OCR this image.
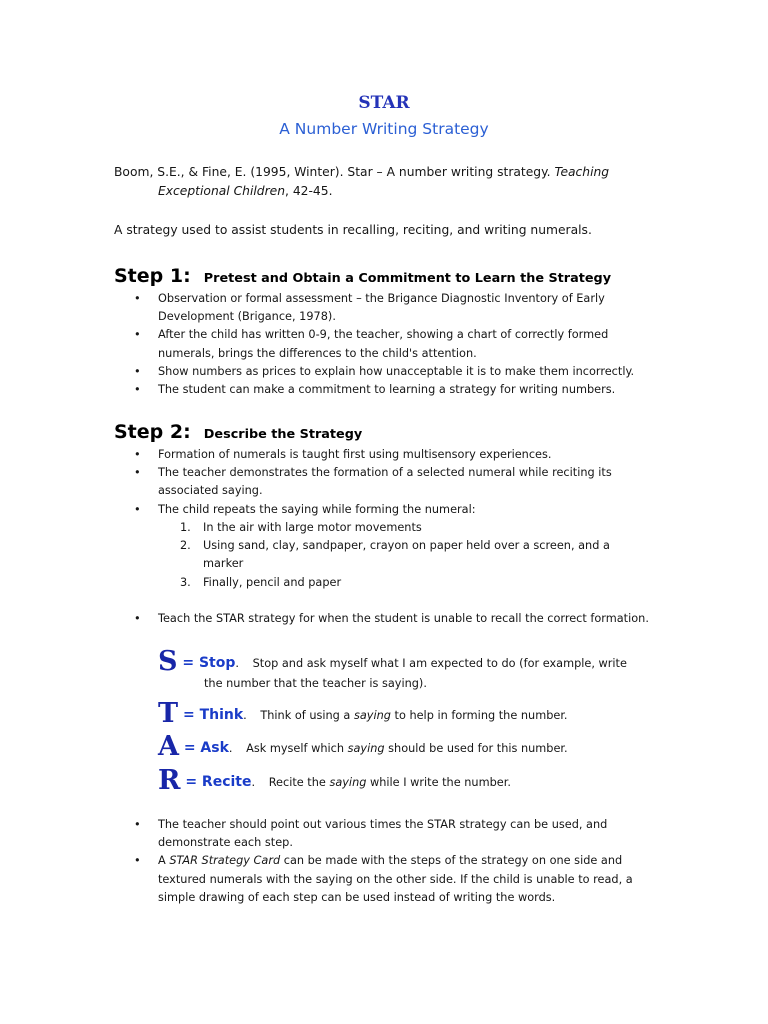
STAR
A Number Writing Strategy
Boom, S.E., & Fine, E. (1995, Winter). Star – A number writing strategy. Teaching
Exceptional Children, 42-45.
A strategy used to assist students in recalling, reciting, and writing numerals.
Step 1: Pretest and Obtain a Commitment to Learn the Strategy
• Observation or formal assessment – the Brigance Diagnostic Inventory of Early Development (Brigance, 1978).
• After the child has written 0-9, the teacher, showing a chart of correctly formed numerals, brings the differences to the child's attention.
• Show numbers as prices to explain how unacceptable it is to make them incorrectly.
• The student can make a commitment to learning a strategy for writing numbers.
Step 2: Describe the Strategy
• Formation of numerals is taught first using multisensory experiences.
• The teacher demonstrates the formation of a selected numeral while reciting its associated saying.
• The child repeats the saying while forming the numeral:
1. In the air with large motor movements
2. Using sand, clay, sandpaper, crayon on paper held over a screen, and a marker
3. Finally, pencil and paper
• Teach the STAR strategy for when the student is unable to recall the correct formation.
S = Stop. Stop and ask myself what I am expected to do (for example, write
the number that the teacher is saying).
T = Think. Think of using a saying to help in forming the number.
A = Ask. Ask myself which saying should be used for this number.
R = Recite. Recite the saying while I write the number.
• The teacher should point out various times the STAR strategy can be used, and demonstrate each step.
• A STAR Strategy Card can be made with the steps of the strategy on one side and textured numerals with the saying on the other side. If the child is unable to read, a simple drawing of each step can be used instead of writing the words.
